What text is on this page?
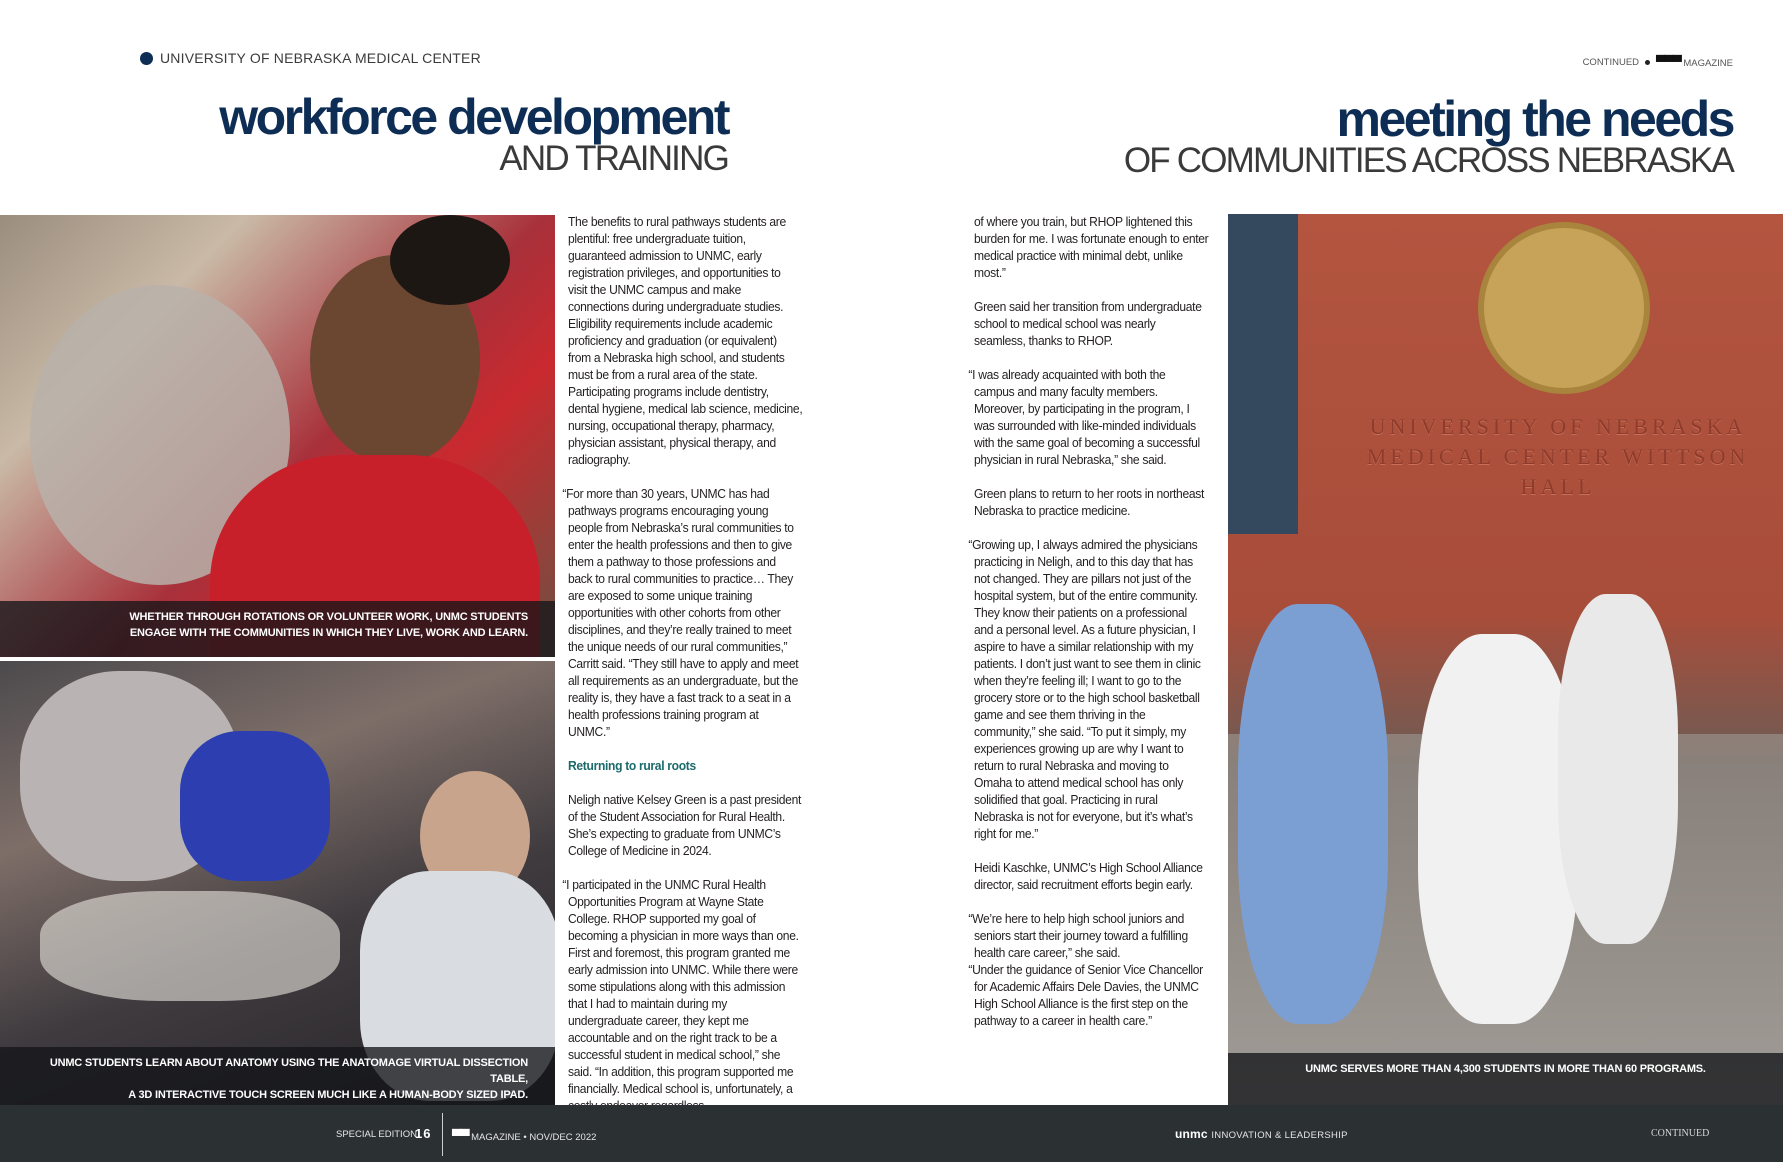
UNIVERSITY OF NEBRASKA MEDICAL CENTER	CONTINUED ▀▀▀ MAGAZINE
workforce development
AND TRAINING
meeting the needs
OF COMMUNITIES ACROSS NEBRASKA
WHETHER THROUGH ROTATIONS OR VOLUNTEER WORK, UNMC STUDENTS
ENGAGE WITH THE COMMUNITIES IN WHICH THEY LIVE, WORK AND LEARN.
UNMC STUDENTS LEARN ABOUT ANATOMY USING THE ANATOMAGE VIRTUAL DISSECTION TABLE,
A 3D INTERACTIVE TOUCH SCREEN MUCH LIKE A HUMAN-BODY SIZED IPAD.
UNIVERSITY OF NEBRASKA MEDICAL CENTER WITTSON HALL
UNMC SERVES MORE THAN 4,300 STUDENTS IN MORE THAN 60 PROGRAMS.

The benefits to rural pathways students are plentiful: free undergraduate tuition, guaranteed admission to UNMC, early registration privileges, and opportunities to visit the UNMC campus and make connections during undergraduate studies. Eligibility requirements include academic proficiency and graduation (or equivalent) from a Nebraska high school, and students must be from a rural area of the state. Participating programs include dentistry, dental hygiene, medical lab science, medicine, nursing, occupational therapy, pharmacy, physician assistant, physical therapy, and radiography.

“For more than 30 years, UNMC has had pathways programs encouraging young people from Nebraska’s rural communities to enter the health professions and then to give them a pathway to those professions and back to rural communities to practice… They are exposed to some unique training opportunities with other cohorts from other disciplines, and they’re really trained to meet the unique needs of our rural communities,” Carritt said. “They still have to apply and meet all requirements as an undergraduate, but the reality is, they have a fast track to a seat in a health professions training program at UNMC.”

Returning to rural roots

Neligh native Kelsey Green is a past president of the Student Association for Rural Health. She’s expecting to graduate from UNMC’s College of Medicine in 2024.

“I participated in the UNMC Rural Health Opportunities Program at Wayne State College. RHOP supported my goal of becoming a physician in more ways than one. First and foremost, this program granted me early admission into UNMC. While there were some stipulations along with this admission that I had to maintain during my undergraduate career, they kept me accountable and on the right track to be a successful student in medical school,” she said. “In addition, this program supported me financially. Medical school is, unfortunately, a

of where you train, but RHOP lightened this burden for me. I was fortunate enough to enter medical practice with minimal debt, unlike most.”

Green said her transition from undergraduate school to medical school was nearly seamless, thanks to RHOP.

“I was already acquainted with both the campus and many faculty members. Moreover, by participating in the program, I was surrounded with like-minded individuals with the same goal of becoming a successful physician in rural Nebraska,” she said.

Green plans to return to her roots in northeast Nebraska to practice medicine.

“Growing up, I always admired the physicians practicing in Neligh, and to this day that has not changed. They are pillars not just of the hospital system, but of the entire community. They know their patients on a professional and a personal level. As a future physician, I aspire to have a similar relationship with my patients. I don’t just want to see them in clinic when they’re feeling ill; I want to go to the grocery store or to the high school basketball game and see them thriving in the community,” she said. “To put it simply, my experiences growing up are why I want to return to rural Nebraska and moving to Omaha to attend medical school has only solidified that goal. Practicing in rural Nebraska is not for everyone, but it’s what’s right for me.”

Heidi Kaschke, UNMC’s High School Alliance director, said recruitment efforts begin early.

“We’re here to help high school juniors and seniors start their journey toward a fulfilling health care career,” she said.

“Under the guidance of Senior Vice Chancellor for Academic Affairs Dele Davies, the UNMC High School Alliance is the first step on the pathway to a career in health care.”

SPECIAL EDITION
16 ▀▀ MAGAZINE • NOV/DEC 2022	unmc INNOVATION & LEADERSHIP	CONTINUED
